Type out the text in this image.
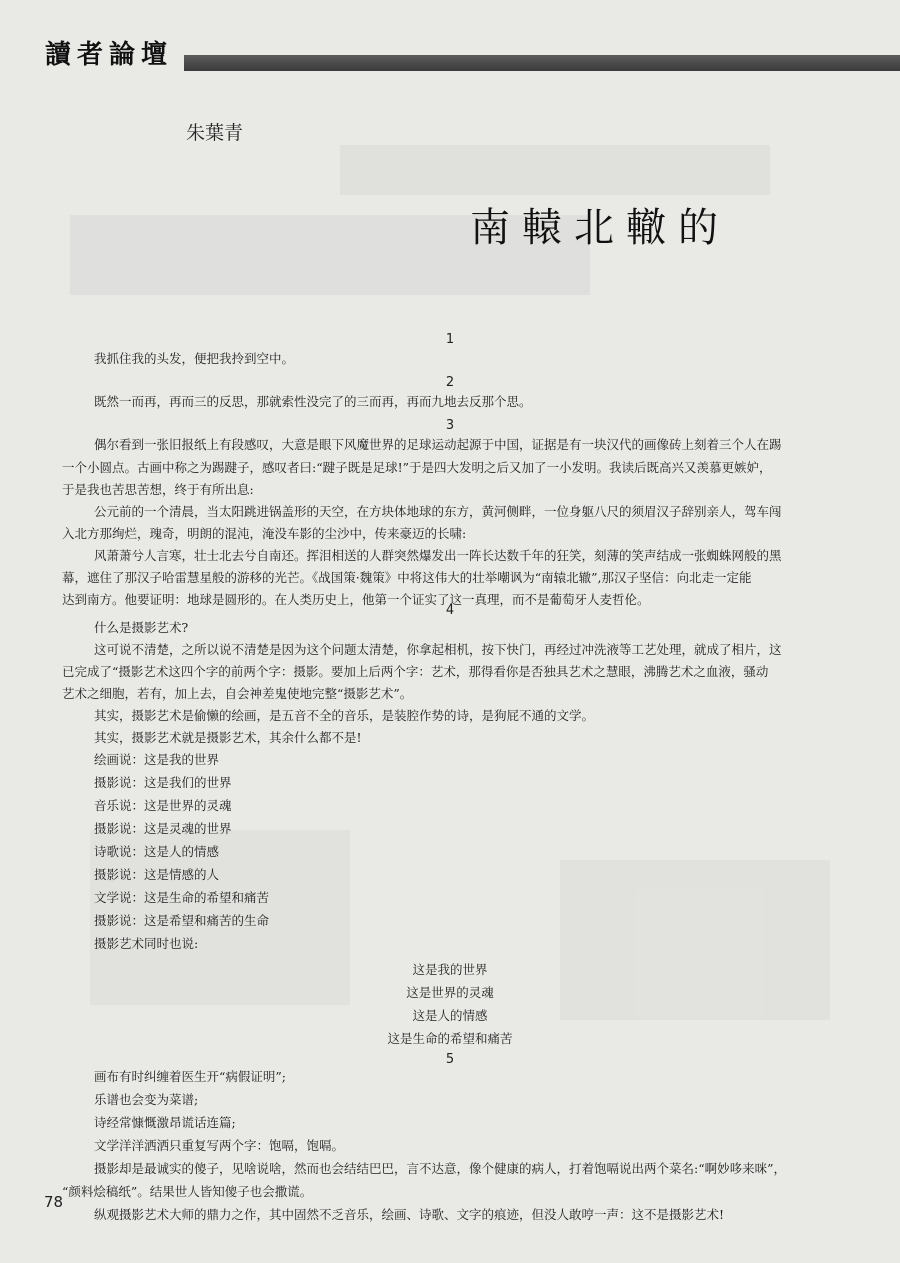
讀者論壇
朱葉青
南轅北轍的
1
我抓住我的头发，便把我拎到空中。
2
既然一而再，再而三的反思，那就索性没完了的三而再，再而九地去反那个思。
3
偶尔看到一张旧报纸上有段感叹，大意是眼下风魔世界的足球运动起源于中国，证据是有一块汉代的画像砖上刻着三个人在踢
一个小圆点。古画中称之为踢踺子，感叹者曰:“踺子既是足球!”于是四大发明之后又加了一小发明。我读后既高兴又羡慕更嫉妒，
于是我也苦思苦想，终于有所出息:
公元前的一个清晨，当太阳跳进锅盖形的天空，在方块体地球的东方，黄河侧畔，一位身躯八尺的须眉汉子辞别亲人，驾车闯
入北方那绚烂，瑰奇，明朗的混沌，淹没车影的尘沙中，传来豪迈的长啸:
风萧萧兮人言寒，壮士北去兮自南还。挥泪相送的人群突然爆发出一阵长达数千年的狂笑，刻薄的笑声结成一张蜘蛛网般的黑
幕，遮住了那汉子哈雷慧星般的游移的光芒。《战国策·魏策》中将这伟大的壮举嘲讽为“南辕北辙”,那汉子坚信：向北走一定能
达到南方。他要证明：地球是圆形的。在人类历史上，他第一个证实了这一真理，而不是葡萄牙人麦哲伦。
4
什么是摄影艺术?
这可说不清楚，之所以说不清楚是因为这个问题太清楚，你拿起相机，按下快门，再经过冲洗液等工艺处理，就成了相片，这
已完成了“摄影艺术这四个字的前两个字：摄影。要加上后两个字：艺术，那得看你是否独具艺术之慧眼，沸腾艺术之血液，骚动
艺术之细胞，若有，加上去，自会神差鬼使地完整“摄影艺术”。
其实，摄影艺术是偷懒的绘画，是五音不全的音乐，是装腔作势的诗，是狗屁不通的文学。
其实，摄影艺术就是摄影艺术，其余什么都不是!
绘画说：这是我的世界
摄影说：这是我们的世界
音乐说：这是世界的灵魂
摄影说：这是灵魂的世界
诗歌说：这是人的情感
摄影说：这是情感的人
文学说：这是生命的希望和痛苦
摄影说：这是希望和痛苦的生命
摄影艺术同时也说:
这是我的世界
这是世界的灵魂
这是人的情感
这是生命的希望和痛苦
5
画布有时纠缠着医生开“病假证明”;
乐谱也会变为菜谱;
诗经常慷慨激昂谎话连篇;
文学洋洋洒洒只重复写两个字：饱嗝，饱嗝。
摄影却是最诚实的傻子，见啥说啥，然而也会结结巴巴，言不达意，像个健康的病人，打着饱嗝说出两个菜名:“啊妙哆来咪”，
“颜料烩稿纸”。结果世人皆知傻子也会撒谎。
纵观摄影艺术大师的鼎力之作，其中固然不乏音乐，绘画、诗歌、文字的痕迹，但没人敢哼一声：这不是摄影艺术!
78
